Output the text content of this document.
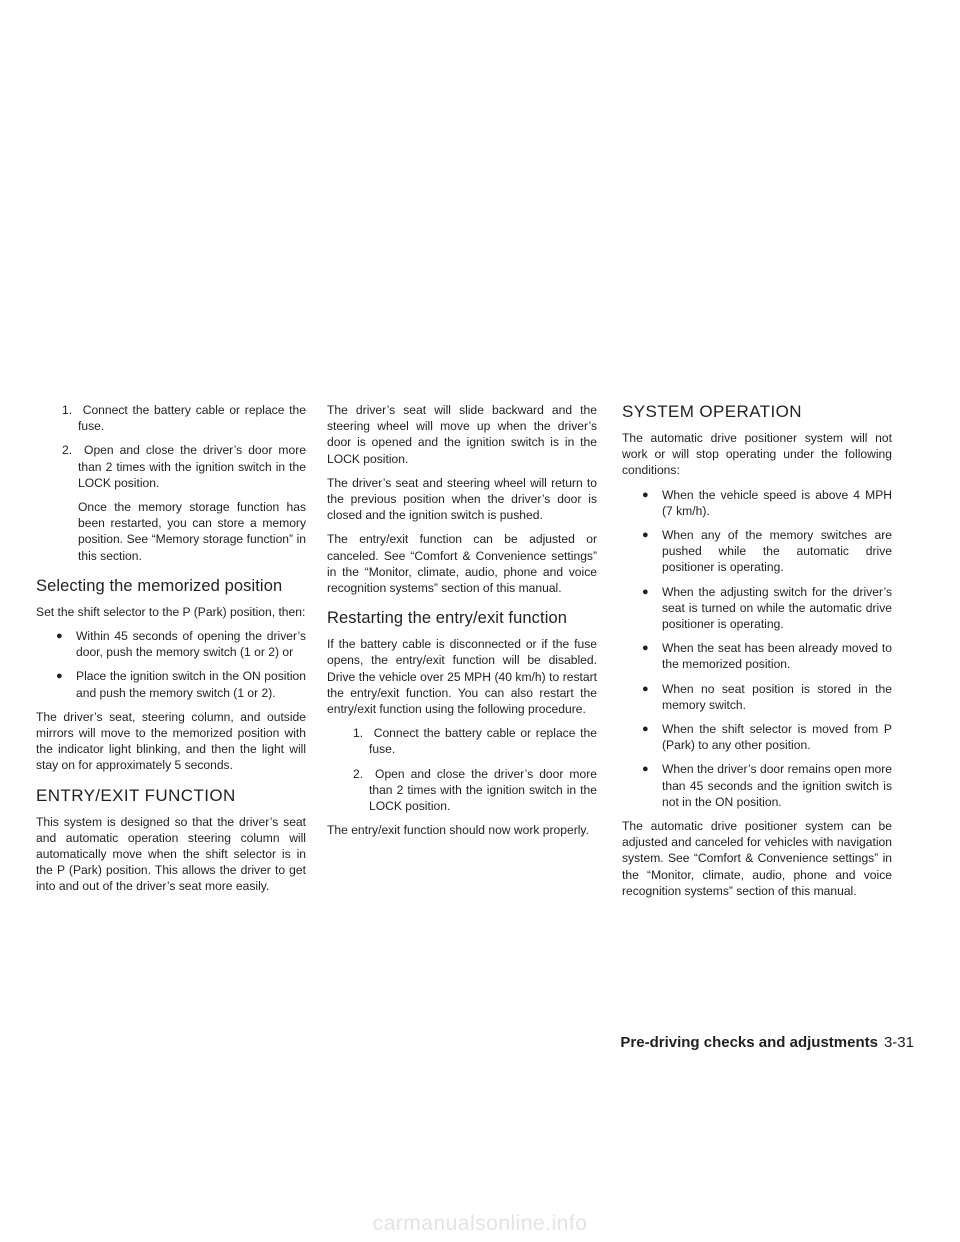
1. Connect the battery cable or replace the fuse.
2. Open and close the driver’s door more than 2 times with the ignition switch in the LOCK position.

Once the memory storage function has been restarted, you can store a memory position. See “Memory storage function” in this section.

Selecting the memorized position

Set the shift selector to the P (Park) position, then:

● Within 45 seconds of opening the driver’s door, push the memory switch (1 or 2) or
● Place the ignition switch in the ON position and push the memory switch (1 or 2).

The driver’s seat, steering column, and outside mirrors will move to the memorized position with the indicator light blinking, and then the light will stay on for approximately 5 seconds.

ENTRY/EXIT FUNCTION

This system is designed so that the driver’s seat and automatic operation steering column will automatically move when the shift selector is in the P (Park) position. This allows the driver to get into and out of the driver’s seat more easily.

The driver’s seat will slide backward and the steering wheel will move up when the driver’s door is opened and the ignition switch is in the LOCK position.

The driver’s seat and steering wheel will return to the previous position when the driver’s door is closed and the ignition switch is pushed.

The entry/exit function can be adjusted or canceled. See “Comfort & Convenience settings” in the “Monitor, climate, audio, phone and voice recognition systems” section of this manual.

Restarting the entry/exit function

If the battery cable is disconnected or if the fuse opens, the entry/exit function will be disabled. Drive the vehicle over 25 MPH (40 km/h) to restart the entry/exit function. You can also restart the entry/exit function using the following procedure.

1. Connect the battery cable or replace the fuse.
2. Open and close the driver’s door more than 2 times with the ignition switch in the LOCK position.

The entry/exit function should now work properly.

SYSTEM OPERATION

The automatic drive positioner system will not work or will stop operating under the following conditions:

● When the vehicle speed is above 4 MPH (7 km/h).
● When any of the memory switches are pushed while the automatic drive positioner is operating.
● When the adjusting switch for the driver’s seat is turned on while the automatic drive positioner is operating.
● When the seat has been already moved to the memorized position.
● When no seat position is stored in the memory switch.
● When the shift selector is moved from P (Park) to any other position.
● When the driver’s door remains open more than 45 seconds and the ignition switch is not in the ON position.

The automatic drive positioner system can be adjusted and canceled for vehicles with navigation system. See “Comfort & Convenience settings” in the “Monitor, climate, audio, phone and voice recognition systems” section of this manual.

Pre-driving checks and adjustments 3-31
carmanualsonline.info
